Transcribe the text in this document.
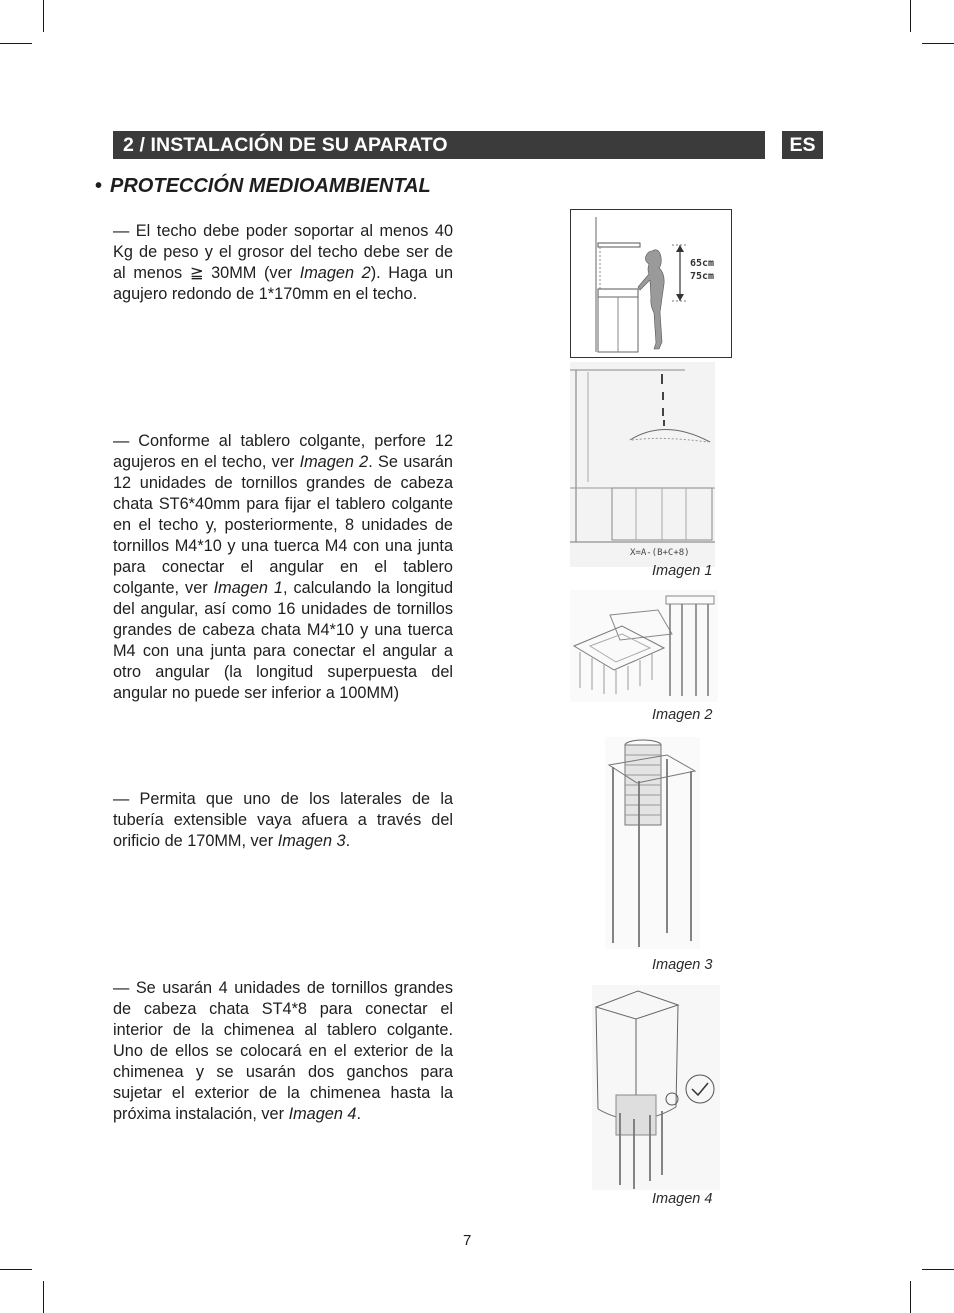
2 / INSTALACIÓN DE SU APARATO	ES
• PROTECCIÓN MEDIOAMBIENTAL
— El techo debe poder soportar al menos 40 Kg de peso y el grosor del techo debe ser de al menos ≧ 30MM (ver Imagen 2). Haga un agujero redondo de 1*170mm en el techo.
— Conforme al tablero colgante, perfore 12 agujeros en el techo, ver Imagen 2. Se usarán 12 unidades de tornillos grandes de cabeza chata ST6*40mm para fijar el tablero colgante en el techo y, posteriormente, 8 unidades de tornillos M4*10 y una tuerca M4 con una junta para conectar el angular en el tablero colgante, ver Imagen 1, calculando la longitud del angular, así como 16 unidades de tornillos grandes de cabeza chata M4*10 y una tuerca M4 con una junta para conectar el angular a otro angular (la longitud superpuesta del angular no puede ser inferior a 100MM)
— Permita que uno de los laterales de la tubería extensible vaya afuera a través del orificio de 170MM, ver Imagen 3.
— Se usarán 4 unidades de tornillos grandes de cabeza chata ST4*8 para conectar el interior de la chimenea al tablero colgante. Uno de ellos se colocará en el exterior de la chimenea y se usarán dos ganchos para sujetar el exterior de la chimenea hasta la próxima instalación, ver Imagen 4.
65cm
75cm
X=A-(B+C+8)
Imagen 1
Imagen 2
Imagen 3
Imagen 4
7
